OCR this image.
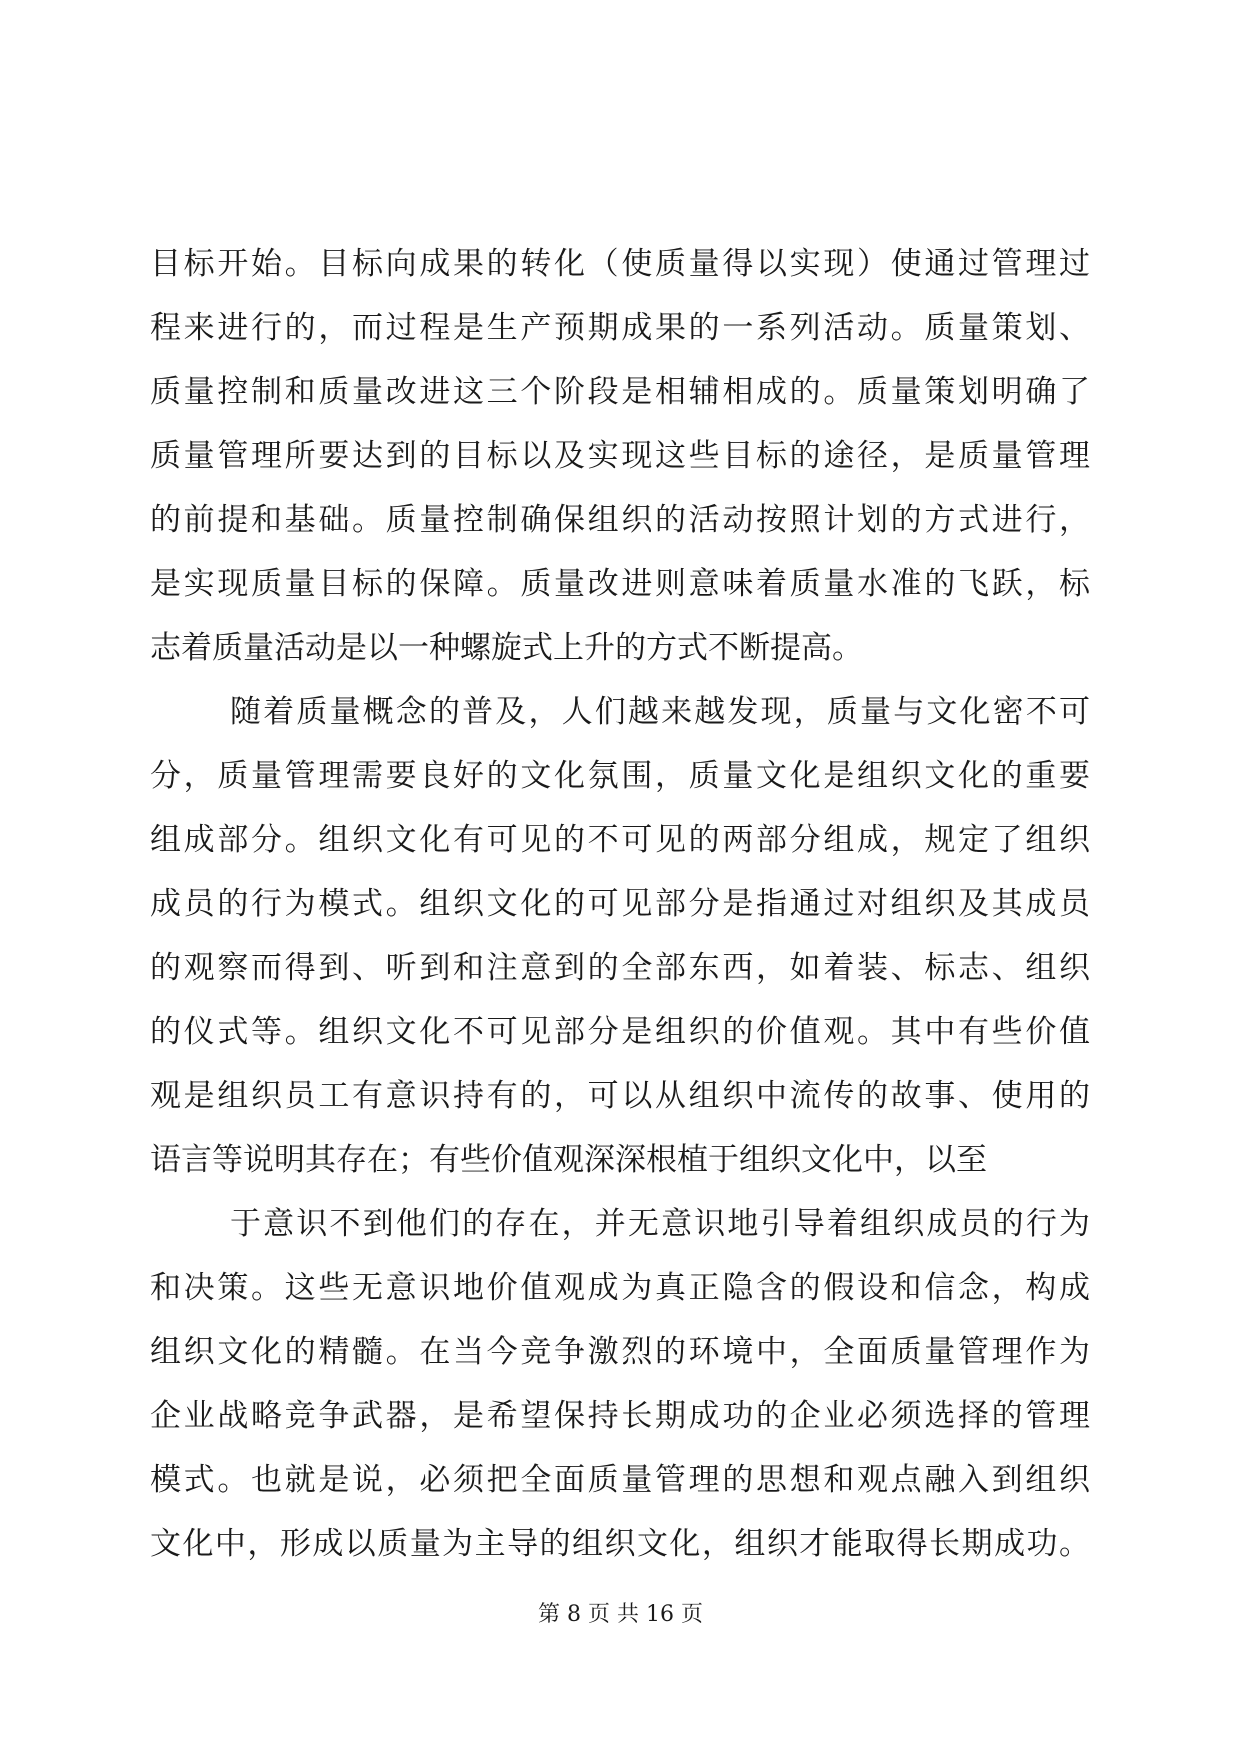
目标开始。目标向成果的转化（使质量得以实现）使通过管理过
程来进行的，而过程是生产预期成果的一系列活动。质量策划、
质量控制和质量改进这三个阶段是相辅相成的。质量策划明确了
质量管理所要达到的目标以及实现这些目标的途径，是质量管理
的前提和基础。质量控制确保组织的活动按照计划的方式进行，
是实现质量目标的保障。质量改进则意味着质量水准的飞跃，标
志着质量活动是以一种螺旋式上升的方式不断提高。
随着质量概念的普及，人们越来越发现，质量与文化密不可
分，质量管理需要良好的文化氛围，质量文化是组织文化的重要
组成部分。组织文化有可见的不可见的两部分组成，规定了组织
成员的行为模式。组织文化的可见部分是指通过对组织及其成员
的观察而得到、听到和注意到的全部东西，如着装、标志、组织
的仪式等。组织文化不可见部分是组织的价值观。其中有些价值
观是组织员工有意识持有的，可以从组织中流传的故事、使用的
语言等说明其存在；有些价值观深深根植于组织文化中，以至
于意识不到他们的存在，并无意识地引导着组织成员的行为
和决策。这些无意识地价值观成为真正隐含的假设和信念，构成
组织文化的精髓。在当今竞争激烈的环境中，全面质量管理作为
企业战略竞争武器，是希望保持长期成功的企业必须选择的管理
模式。也就是说，必须把全面质量管理的思想和观点融入到组织
文化中，形成以质量为主导的组织文化，组织才能取得长期成功。
第 8 页 共 16 页
